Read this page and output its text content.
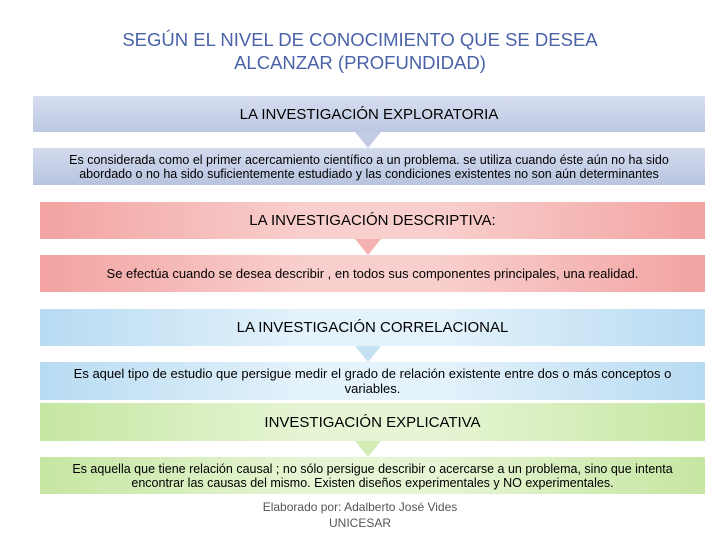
SEGÚN EL NIVEL DE CONOCIMIENTO QUE SE DESEA
ALCANZAR (PROFUNDIDAD)
LA INVESTIGACIÓN EXPLORATORIA
Es considerada como el primer acercamiento científico a un problema. se utiliza cuando éste aún no ha sido
abordado o no ha sido suficientemente estudiado y las condiciones existentes no son aún determinantes
LA INVESTIGACIÓN DESCRIPTIVA:
Se efectúa cuando se desea describir , en todos sus componentes principales, una realidad.
LA INVESTIGACIÓN CORRELACIONAL
Es aquel tipo de estudio que persigue medir el grado de relación existente entre dos o más conceptos o
variables.
INVESTIGACIÓN EXPLICATIVA
Es aquella que tiene relación causal ; no sólo persigue describir o acercarse a un problema, sino que intenta
encontrar las causas del mismo. Existen diseños experimentales y NO experimentales.
Elaborado por: Adalberto José Vides
UNICESAR
